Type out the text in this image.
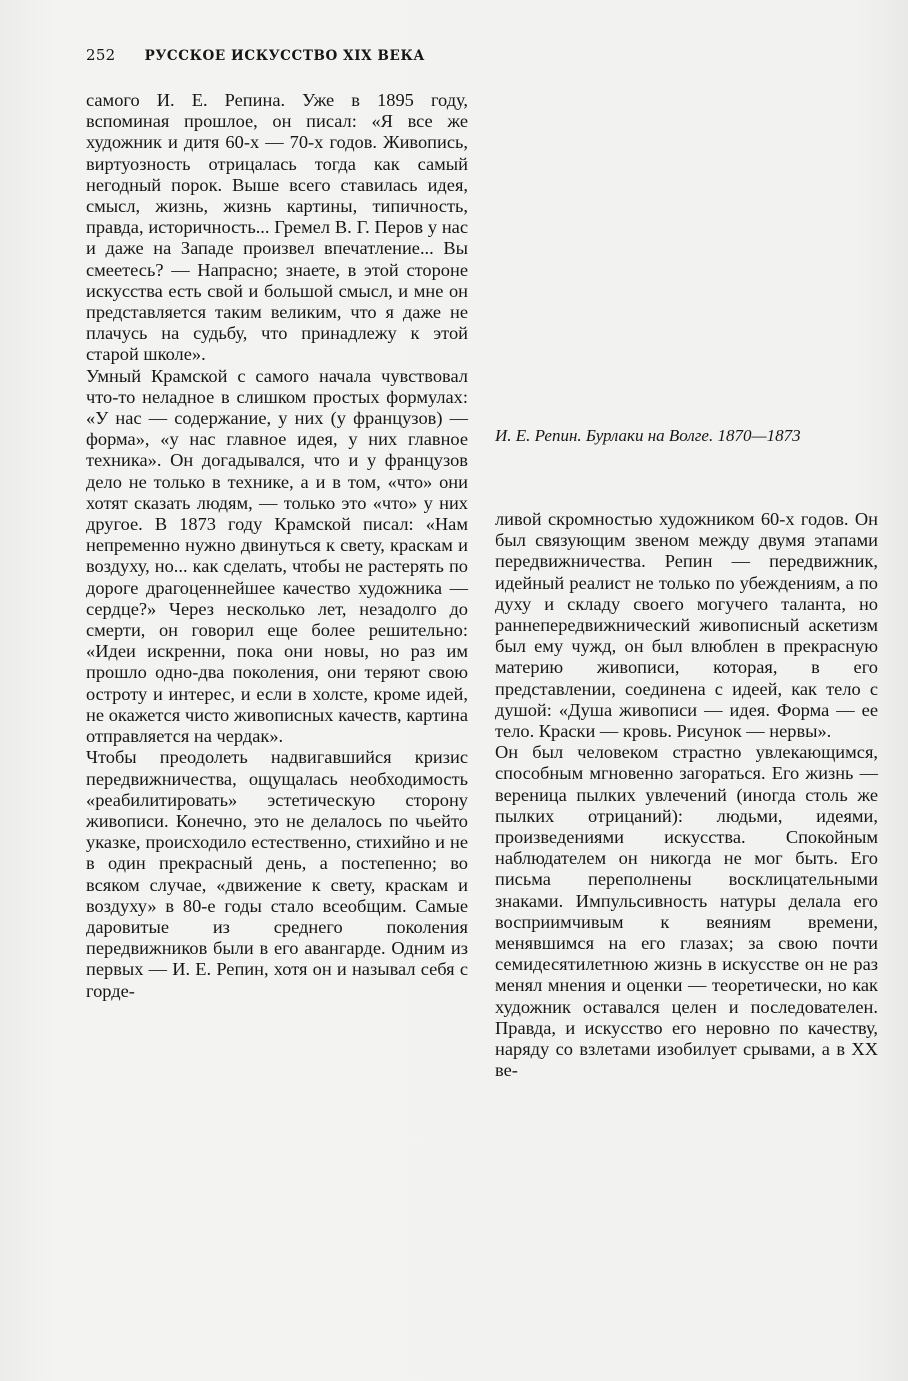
252 РУССКОЕ ИСКУССТВО XIX ВЕКА

самого И. Е. Репина. Уже в 1895 году, вспоминая прошлое, он писал: «Я все же художник и дитя 60-х — 70-х годов. Живопись, виртуозность отрицалась тогда как самый негодный порок. Выше всего ставилась идея, смысл, жизнь, жизнь картины, типичность, правда, историчность... Гремел В. Г. Перов у нас и даже на Западе произвел впечатление... Вы смеетесь? — Напрасно; знаете, в этой стороне искусства есть свой и большой смысл, и мне он представляется таким великим, что я даже не плачусь на судьбу, что принадлежу к этой старой школе».

Умный Крамской с самого начала чувствовал что-то неладное в слишком простых формулах: «У нас — содержание, у них (у французов) — форма», «у нас главное идея, у них главное техника». Он догадывался, что и у французов дело не только в технике, а и в том, «что» они хотят сказать людям, — только это «что» у них другое. В 1873 году Крамской писал: «Нам непременно нужно двинуться к свету, краскам и воздуху, но... как сделать, чтобы не растерять по дороге драгоценнейшее качество художника — сердце?» Через несколько лет, незадолго до смерти, он говорил еще более решительно: «Идеи искренни, пока они новы, но раз им прошло одно-два поколения, они теряют свою остроту и интерес, и если в холсте, кроме идей, не окажется чисто живописных качеств, картина отправляется на чердак».

Чтобы преодолеть надвигавшийся кризис передвижничества, ощущалась необходимость «реабилитировать» эстетическую сторону живописи. Конечно, это не делалось по чьейто указке, происходило естественно, стихийно и не в один прекрасный день, а постепенно; во всяком случае, «движение к свету, краскам и воздуху» в 80-е годы стало всеобщим. Самые даровитые из среднего поколения передвижников были в его авангарде. Одним из первых — И. Е. Репин, хотя он и называл себя с горде-

И. Е. Репин. Бурлаки на Волге. 1870—1873

ливой скромностью художником 60-х годов. Он был связующим звеном между двумя этапами передвижничества. Репин — передвижник, идейный реалист не только по убеждениям, а по духу и складу своего могучего таланта, но раннепередвижнический живописный аскетизм был ему чужд, он был влюблен в прекрасную материю живописи, которая, в его представлении, соединена с идеей, как тело с душой: «Душа живописи — идея. Форма — ее тело. Краски — кровь. Рисунок — нервы».

Он был человеком страстно увлекающимся, способным мгновенно загораться. Его жизнь — вереница пылких увлечений (иногда столь же пылких отрицаний): людьми, идеями, произведениями искусства. Спокойным наблюдателем он никогда не мог быть. Его письма переполнены восклицательными знаками. Импульсивность натуры делала его восприимчивым к веяниям времени, менявшимся на его глазах; за свою почти семидесятилетнюю жизнь в искусстве он не раз менял мнения и оценки — теоретически, но как художник оставался целен и последователен. Правда, и искусство его неровно по качеству, наряду со взлетами изобилует срывами, а в XX ве-
